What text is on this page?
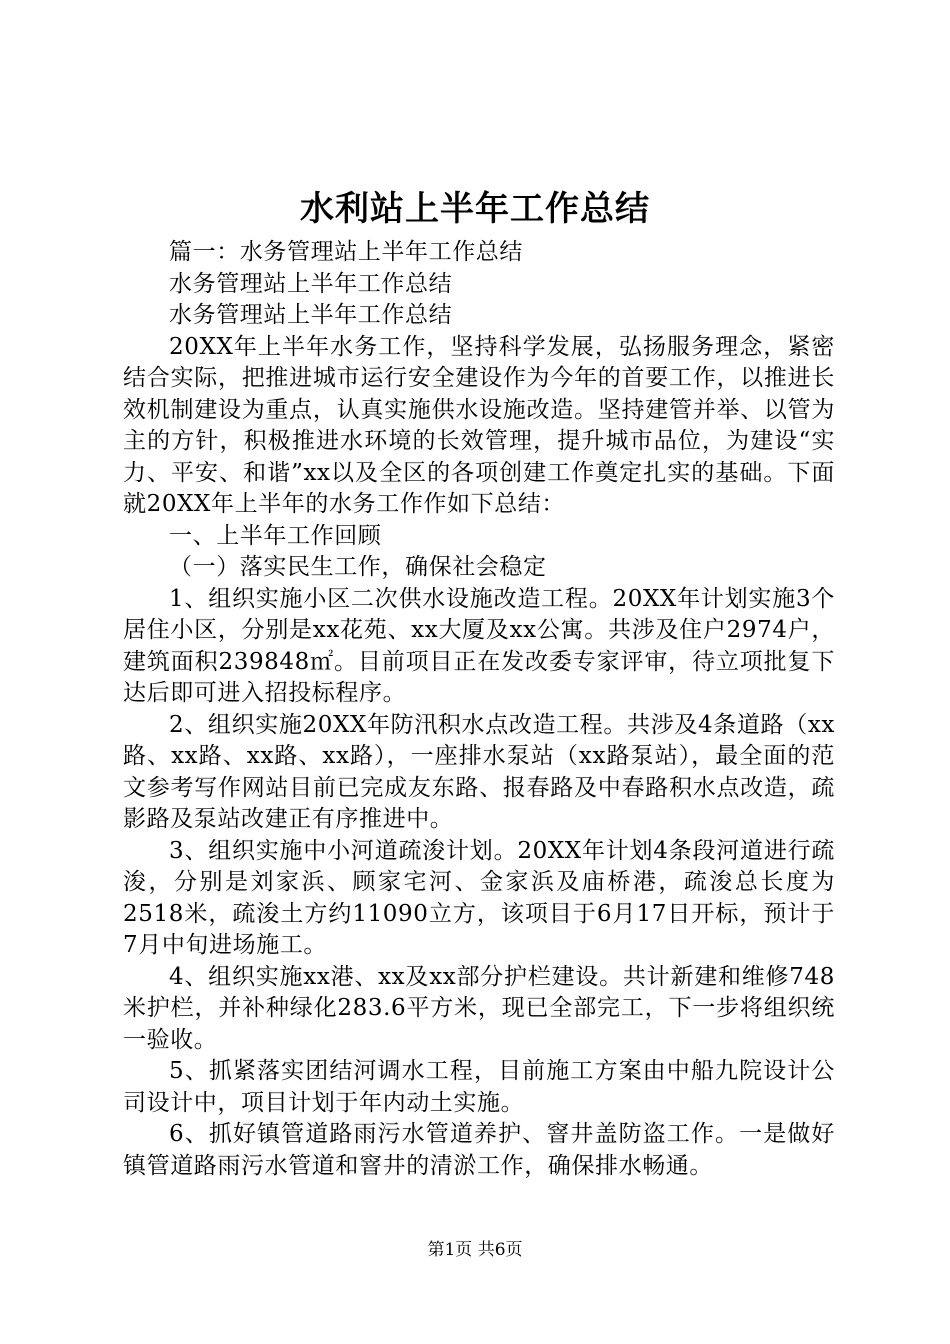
水利站上半年工作总结

篇一：水务管理站上半年工作总结

水务管理站上半年工作总结

水务管理站上半年工作总结

20XX年上半年水务工作，坚持科学发展，弘扬服务理念，紧密结合实际，把推进城市运行安全建设作为今年的首要工作，以推进长效机制建设为重点，认真实施供水设施改造。坚持建管并举、以管为主的方针，积极推进水环境的长效管理，提升城市品位，为建设“实力、平安、和谐”xx以及全区的各项创建工作奠定扎实的基础。下面就20XX年上半年的水务工作作如下总结：

一、上半年工作回顾

（一）落实民生工作，确保社会稳定

1、组织实施小区二次供水设施改造工程。20XX年计划实施3个居住小区，分别是xx花苑、xx大厦及xx公寓。共涉及住户2974户，建筑面积239848㎡。目前项目正在发改委专家评审，待立项批复下达后即可进入招投标程序。

2、组织实施20XX年防汛积水点改造工程。共涉及4条道路（xx路、xx路、xx路、xx路），一座排水泵站（xx路泵站），最全面的范文参考写作网站目前已完成友东路、报春路及中春路积水点改造，疏影路及泵站改建正有序推进中。

3、组织实施中小河道疏浚计划。20XX年计划4条段河道进行疏浚，分别是刘家浜、顾家宅河、金家浜及庙桥港，疏浚总长度为2518米，疏浚土方约11090立方，该项目于6月17日开标，预计于7月中旬进场施工。

4、组织实施xx港、xx及xx部分护栏建设。共计新建和维修748米护栏，并补种绿化283.6平方米，现已全部完工，下一步将组织统一验收。

5、抓紧落实团结河调水工程，目前施工方案由中船九院设计公司设计中，项目计划于年内动土实施。

6、抓好镇管道路雨污水管道养护、窨井盖防盗工作。一是做好镇管道路雨污水管道和窨井的清淤工作，确保排水畅通。

第1页 共6页
